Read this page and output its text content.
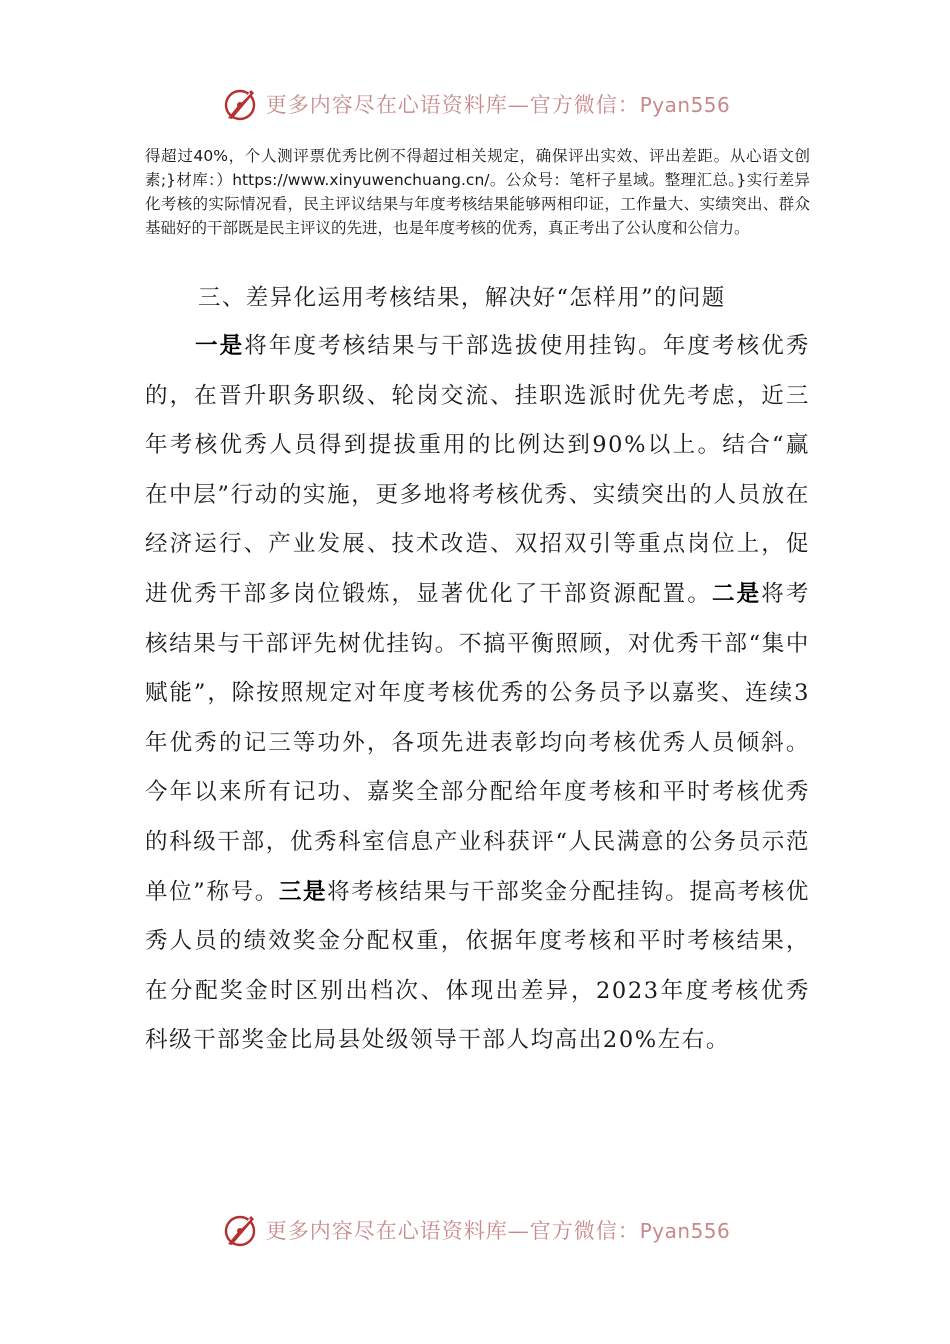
更多内容尽在心语资料库—官方微信：Pyan556

得超过40%，个人测评票优秀比例不得超过相关规定，确保评出实效、评出差距。从心语文创素;}材库：）https://www.xinyuwenchuang.cn/。公众号：笔杆子星域。整理汇总。}实行差异化考核的实际情况看，民主评议结果与年度考核结果能够两相印证，工作量大、实绩突出、群众基础好的干部既是民主评议的先进，也是年度考核的优秀，真正考出了公认度和公信力。

三、差异化运用考核结果，解决好“怎样用”的问题

一是将年度考核结果与干部选拔使用挂钩。年度考核优秀的，在晋升职务职级、轮岗交流、挂职选派时优先考虑，近三年考核优秀人员得到提拔重用的比例达到90%以上。结合“赢在中层”行动的实施，更多地将考核优秀、实绩突出的人员放在经济运行、产业发展、技术改造、双招双引等重点岗位上，促进优秀干部多岗位锻炼，显著优化了干部资源配置。二是将考核结果与干部评先树优挂钩。不搞平衡照顾，对优秀干部“集中赋能”，除按照规定对年度考核优秀的公务员予以嘉奖、连续3年优秀的记三等功外，各项先进表彰均向考核优秀人员倾斜。今年以来所有记功、嘉奖全部分配给年度考核和平时考核优秀的科级干部，优秀科室信息产业科获评“人民满意的公务员示范单位”称号。三是将考核结果与干部奖金分配挂钩。提高考核优秀人员的绩效奖金分配权重，依据年度考核和平时考核结果，在分配奖金时区别出档次、体现出差异，2023年度考核优秀科级干部奖金比局县处级领导干部人均高出20%左右。

更多内容尽在心语资料库—官方微信：Pyan556
